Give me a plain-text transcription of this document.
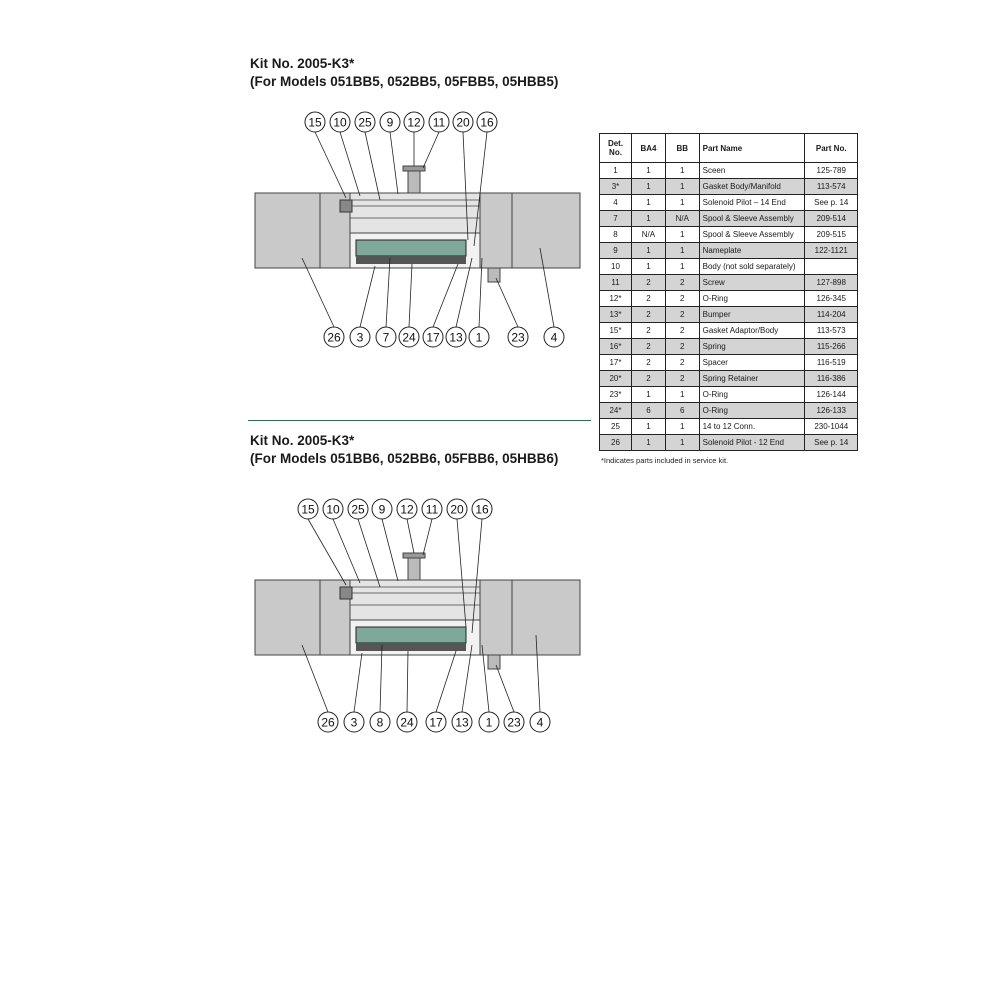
Kit No. 2005-K3*
(For Models 051BB5, 052BB5, 05FBB5, 05HBB5)
15 10 25 9 12 11 20 16
26 3 7 24 17 13 1 23 4
Kit No. 2005-K3*
(For Models 051BB6, 052BB6, 05FBB6, 05HBB6)
15 10 25 9 12 11 20 16
26 3 8 24 17 13 1 23 4
Det.
No.	BA4	BB	Part Name	Part No.
1	1	1	Sceen	125-789
3*	1	1	Gasket Body/Manifold	113-574
4	1	1	Solenoid Pilot – 14 End	See p. 14
7	1	N/A	Spool & Sleeve Assembly	209-514
8	N/A	1	Spool & Sleeve Assembly	209-515
9	1	1	Nameplate	122-1121
10	1	1	Body (not sold separately)	
11	2	2	Screw	127-898
12*	2	2	O-Ring	126-345
13*	2	2	Bumper	114-204
15*	2	2	Gasket Adaptor/Body	113-573
16*	2	2	Spring	115-266
17*	2	2	Spacer	116-519
20*	2	2	Spring Retainer	116-386
23*	1	1	O-Ring	126-144
24*	6	6	O-Ring	126-133
25	1	1	14 to 12 Conn.	230-1044
26	1	1	Solenoid Pilot - 12 End	See p. 14
*Indicates parts included in service kit.
